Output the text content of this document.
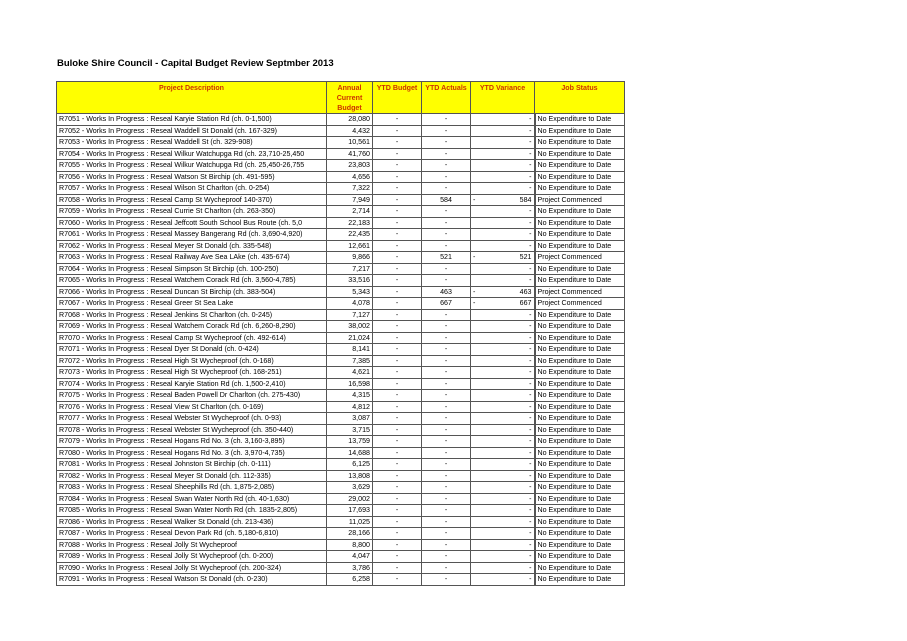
Buloke Shire Council - Capital Budget Review Septmber 2013
Project Description	Annual Current Budget	YTD Budget	YTD Actuals	YTD Variance	Job Status
R7051 - Works In Progress : Reseal Karyie Station Rd (ch. 0-1,500)	28,080	-	-	-	No Expenditure to Date
R7052 - Works In Progress : Reseal Waddell St Donald (ch. 167-329)	4,432	-	-	-	No Expenditure to Date
R7053 - Works In Progress : Reseal Waddell St (ch. 329-908)	10,561	-	-	-	No Expenditure to Date
R7054 - Works In Progress : Reseal Wilkur Watchupga Rd (ch. 23,710-25,450	41,760	-	-	-	No Expenditure to Date
R7055 - Works In Progress : Reseal Wilkur Watchupga Rd (ch. 25,450-26,755	23,803	-	-	-	No Expenditure to Date
R7056 - Works In Progress : Reseal Watson St Birchip (ch. 491-595)	4,656	-	-	-	No Expenditure to Date
R7057 - Works In Progress : Reseal Wilson St Charlton (ch. 0-254)	7,322	-	-	-	No Expenditure to Date
R7058 - Works In Progress : Reseal Camp St Wycheproof 140-370)	7,949	-	584	- 584	Project Commenced
R7059 - Works In Progress : Reseal Currie St Charlton (ch. 263-350)	2,714	-	-	-	No Expenditure to Date
R7060 - Works In Progress : Reseal Jeffcott South School Bus Route (ch. 5,0	22,183	-	-	-	No Expenditure to Date
R7061 - Works In Progress : Reseal Massey Bangerang Rd (ch. 3,690-4,920)	22,435	-	-	-	No Expenditure to Date
R7062 - Works In Progress : Reseal Meyer St Donald (ch. 335-548)	12,661	-	-	-	No Expenditure to Date
R7063 - Works In Progress : Reseal Railway Ave Sea LAke (ch. 435-674)	9,866	-	521	- 521	Project Commenced
R7064 - Works In Progress : Reseal Simpson St Birchip (ch. 100-250)	7,217	-	-	-	No Expenditure to Date
R7065 - Works In Progress : Reseal Watchem Corack Rd (ch. 3,560-4,785)	33,516	-	-	-	No Expenditure to Date
R7066 - Works In Progress : Reseal Duncan St Birchip (ch. 383-504)	5,343	-	463	- 463	Project Commenced
R7067 - Works In Progress : Reseal Greer St Sea Lake	4,078	-	667	- 667	Project Commenced
R7068 - Works In Progress : Reseal Jenkins St Charlton (ch. 0-245)	7,127	-	-	-	No Expenditure to Date
R7069 - Works In Progress : Reseal Watchem Corack Rd (ch. 6,260-8,290)	38,002	-	-	-	No Expenditure to Date
R7070 - Works In Progress : Reseal Camp St Wycheproof (ch. 492-614)	21,024	-	-	-	No Expenditure to Date
R7071 - Works In Progress : Reseal Dyer St Donald (ch. 0-424)	8,141	-	-	-	No Expenditure to Date
R7072 - Works In Progress : Reseal High St Wycheproof (ch. 0-168)	7,385	-	-	-	No Expenditure to Date
R7073 - Works In Progress : Reseal High St Wycheproof (ch. 168-251)	4,621	-	-	-	No Expenditure to Date
R7074 - Works In Progress : Reseal Karyie Station Rd (ch. 1,500-2,410)	16,598	-	-	-	No Expenditure to Date
R7075 - Works In Progress : Reseal Baden Powell Dr Charlton (ch. 275-430)	4,315	-	-	-	No Expenditure to Date
R7076 - Works In Progress : Reseal View St Charlton (ch. 0-169)	4,812	-	-	-	No Expenditure to Date
R7077 - Works In Progress : Reseal Webster St Wycheproof (ch. 0-93)	3,087	-	-	-	No Expenditure to Date
R7078 - Works In Progress : Reseal Webster St Wycheproof (ch. 350-440)	3,715	-	-	-	No Expenditure to Date
R7079 - Works In Progress : Reseal Hogans Rd No. 3 (ch. 3,160-3,895)	13,759	-	-	-	No Expenditure to Date
R7080 - Works In Progress : Reseal Hogans Rd No. 3 (ch. 3,970-4,735)	14,688	-	-	-	No Expenditure to Date
R7081 - Works In Progress : Reseal Johnston St Birchip (ch. 0-111)	6,125	-	-	-	No Expenditure to Date
R7082 - Works In Progress : Reseal Meyer St Donald (ch. 112-335)	13,808	-	-	-	No Expenditure to Date
R7083 - Works In Progress : Reseal Sheephills Rd (ch. 1,875-2,085)	3,629	-	-	-	No Expenditure to Date
R7084 - Works In Progress : Reseal Swan Water North Rd (ch. 40-1,630)	29,002	-	-	-	No Expenditure to Date
R7085 - Works In Progress : Reseal Swan Water North Rd (ch. 1835-2,805)	17,693	-	-	-	No Expenditure to Date
R7086 - Works In Progress : Reseal Walker St Donald (ch. 213-436)	11,025	-	-	-	No Expenditure to Date
R7087 - Works In Progress : Reseal Devon Park Rd (ch. 5,180-6,810)	28,166	-	-	-	No Expenditure to Date
R7088 - Works In Progress : Reseal Jolly St Wycheproof	8,800	-	-	-	No Expenditure to Date
R7089 - Works In Progress : Reseal Jolly St Wycheproof (ch. 0-200)	4,047	-	-	-	No Expenditure to Date
R7090 - Works In Progress : Reseal Jolly St Wycheproof (ch. 200-324)	3,786	-	-	-	No Expenditure to Date
R7091 - Works In Progress : Reseal Watson St Donald (ch. 0-230)	6,258	-	-	-	No Expenditure to Date
